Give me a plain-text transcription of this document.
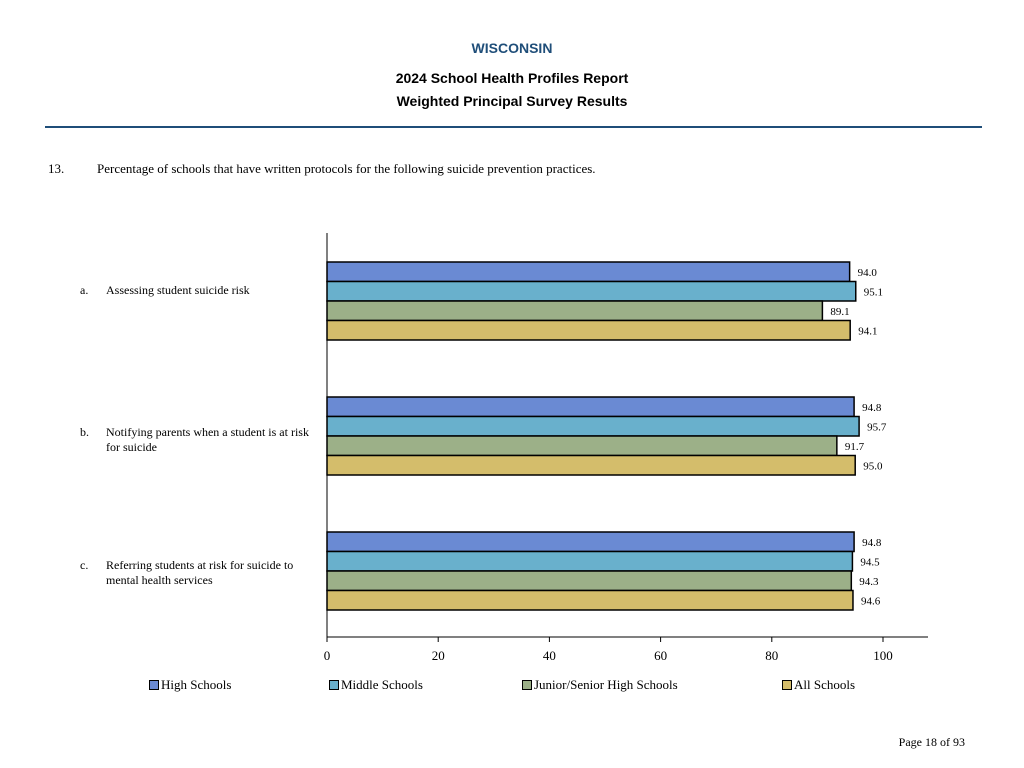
WISCONSIN
2024 School Health Profiles Report
Weighted Principal Survey Results
13.	Percentage of schools that have written protocols for the following suicide prevention practices.
a. Assessing student suicide risk
b. Notifying parents when a student is at risk for suicide
c. Referring students at risk for suicide to mental health services
94.0
95.1
89.1
94.1
94.8
95.7
91.7
95.0
94.8
94.5
94.3
94.6
0	20	40	60	80	100
High Schools	Middle Schools	Junior/Senior High Schools	All Schools
Page 18 of 93
